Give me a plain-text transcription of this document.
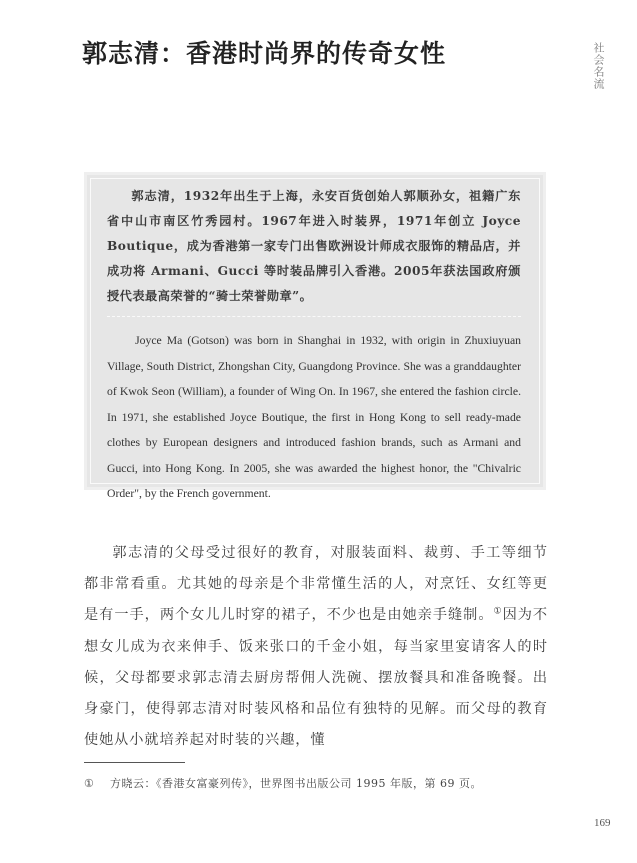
郭志清：香港时尚界的传奇女性	社会名流

郭志清，1932年出生于上海，永安百货创始人郭顺孙女，祖籍广东省中山市南区竹秀园村。1967年进入时装界，1971年创立 Joyce Boutique，成为香港第一家专门出售欧洲设计师成衣服饰的精品店，并成功将 Armani、Gucci 等时装品牌引入香港。2005年获法国政府颁授代表最高荣誉的“骑士荣誉勋章”。

Joyce Ma (Gotson) was born in Shanghai in 1932, with origin in Zhuxiuyuan Village, South District, Zhongshan City, Guangdong Province. She was a granddaughter of Kwok Seon (William), a founder of Wing On. In 1967, she entered the fashion circle. In 1971, she established Joyce Boutique, the first in Hong Kong to sell ready-made clothes by European designers and introduced fashion brands, such as Armani and Gucci, into Hong Kong. In 2005, she was awarded the highest honor, the "Chivalric Order", by the French government.

郭志清的父母受过很好的教育，对服装面料、裁剪、手工等细节都非常看重。尤其她的母亲是个非常懂生活的人，对烹饪、女红等更是有一手，两个女儿儿时穿的裙子，不少也是由她亲手缝制。①因为不想女儿成为衣来伸手、饭来张口的千金小姐，每当家里宴请客人的时候，父母都要求郭志清去厨房帮佣人洗碗、摆放餐具和准备晚餐。出身豪门，使得郭志清对时装风格和品位有独特的见解。而父母的教育使她从小就培养起对时装的兴趣，懂

① 方晓云：《香港女富豪列传》，世界图书出版公司 1995 年版，第 69 页。
169
